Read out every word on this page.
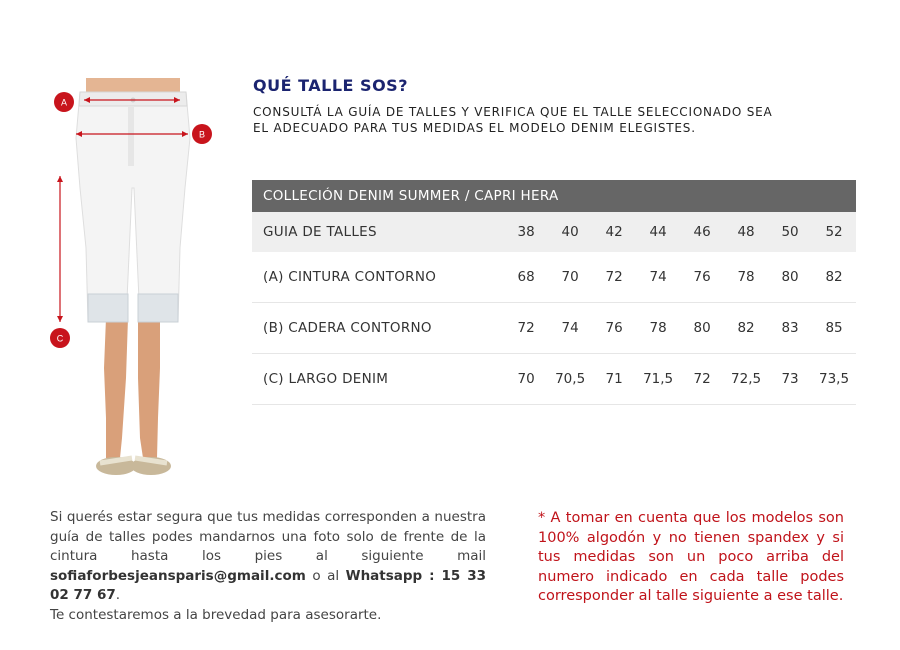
A
B
C
QUÉ TALLE SOS?
CONSULTÁ LA GUÍA DE TALLES Y VERIFICA QUE EL TALLE SELECCIONADO SEA
EL ADECUADO PARA TUS MEDIDAS EL MODELO DENIM ELEGISTES.
COLLECIÓN DENIM SUMMER / CAPRI HERA
GUIA DE TALLES	38	40	42	44	46	48	50	52
(A) CINTURA CONTORNO	68	70	72	74	76	78	80	82
(B) CADERA CONTORNO	72	74	76	78	80	82	83	85
(C) LARGO DENIM	70	70,5	71	71,5	72	72,5	73	73,5
Si querés estar segura que tus medidas corresponden a nuestra guía de talles podes mandarnos una foto solo de frente de la cintura hasta los pies al siguiente mail sofiaforbesjeansparis@gmail.com o al Whatsapp : 15 33 02 77 67.
Te contestaremos a la brevedad para asesorarte.
* A tomar en cuenta que los modelos son 100% algodón y no tienen spandex y si tus medidas son un poco arriba del numero indicado en cada talle podes corresponder al talle siguiente a ese talle.
